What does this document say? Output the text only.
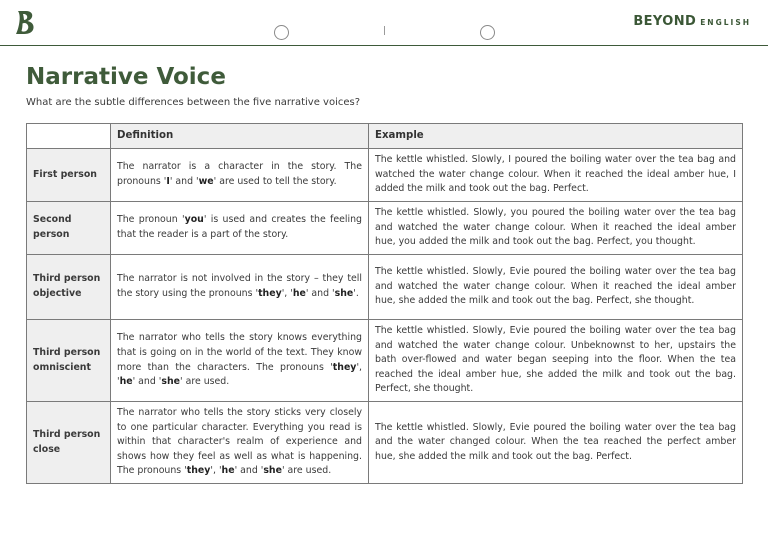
BEYOND ENGLISH
Narrative Voice

What are the subtle differences between the five narrative voices?

	Definition	Example
First person	The narrator is a character in the story. The pronouns 'I' and 'we' are used to tell the story.	The kettle whistled. Slowly, I poured the boiling water over the tea bag and watched the water change colour. When it reached the ideal amber hue, I added the milk and took out the bag. Perfect.
Second person	The pronoun 'you' is used and creates the feeling that the reader is a part of the story.	The kettle whistled. Slowly, you poured the boiling water over the tea bag and watched the water change colour. When it reached the ideal amber hue, you added the milk and took out the bag. Perfect, you thought.
Third person objective	The narrator is not involved in the story – they tell the story using the pronouns 'they', 'he' and 'she'.	The kettle whistled. Slowly, Evie poured the boiling water over the tea bag and watched the water change colour. When it reached the ideal amber hue, she added the milk and took out the bag. Perfect, she thought.
Third person omniscient	The narrator who tells the story knows everything that is going on in the world of the text. They know more than the characters. The pronouns 'they', 'he' and 'she' are used.	The kettle whistled. Slowly, Evie poured the boiling water over the tea bag and watched the water change colour. Unbeknownst to her, upstairs the bath over-flowed and water began seeping into the floor. When the tea reached the ideal amber hue, she added the milk and took out the bag. Perfect, she thought.
Third person close	The narrator who tells the story sticks very closely to one particular character. Everything you read is within that character's realm of experience and shows how they feel as well as what is happening. The pronouns 'they', 'he' and 'she' are used.	The kettle whistled. Slowly, Evie poured the boiling water over the tea bag and the water changed colour. When the tea reached the perfect amber hue, she added the milk and took out the bag. Perfect.
